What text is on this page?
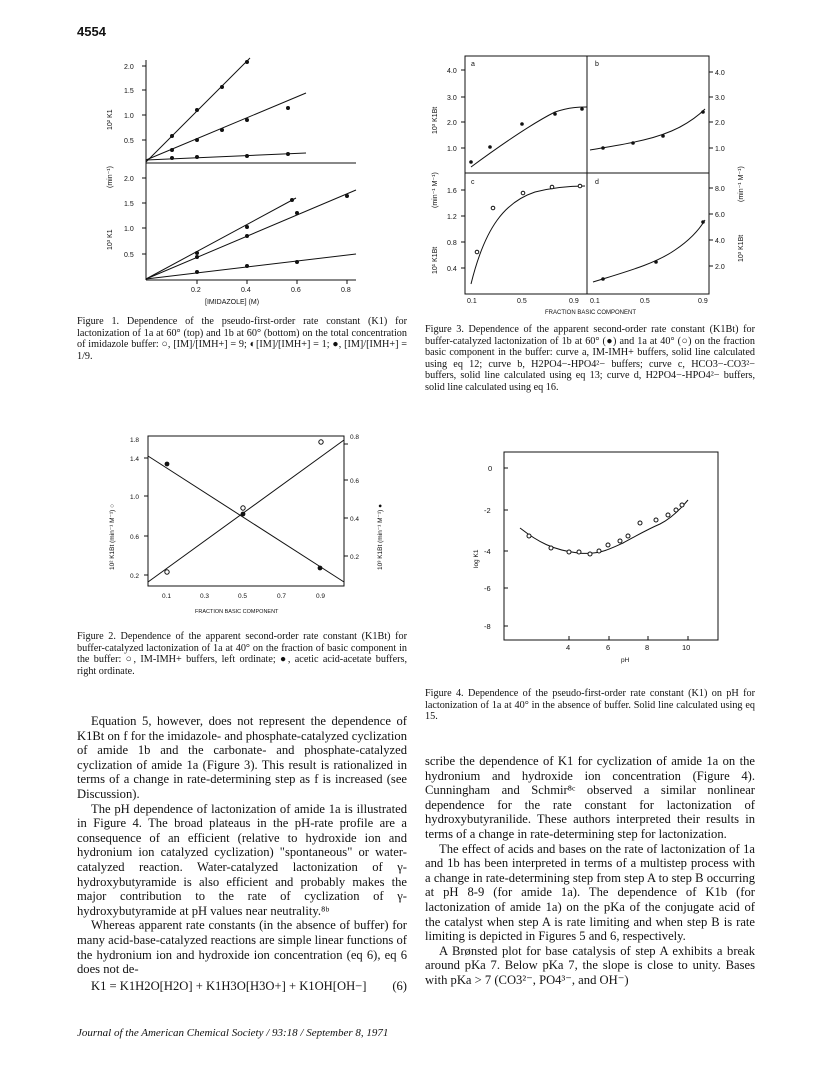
4554
2.0
1.5
1.0
0.5
2.0
1.5
1.0
0.5
0.2	0.4	0.6	0.8
[IMIDAZOLE] (M)
10² K1
(min⁻¹)
10³ K1
Figure 1. Dependence of the pseudo-first-order rate constant (K1) for lactonization of 1a at 60° (top) and 1b at 60° (bottom) on the total concentration of imidazole buffer: ○, [IM]/[IMH+] = 9; ◐[IM]/[IMH+] = 1; ●, [IM]/[IMH+] = 1/9.
0.2
0.6
1.0
1.4
1.8
0.2
0.4
0.6
0.8
0.1	0.3	0.5	0.7	0.9
FRACTION BASIC COMPONENT
10² K1Bt (min⁻¹ M⁻¹) ○	10³ K1Bt (min⁻¹ M⁻¹) ●
Figure 2. Dependence of the apparent second-order rate constant (K1Bt) for buffer-catalyzed lactonization of 1a at 40° on the fraction of basic component in the buffer: ○, IM-IMH+ buffers, left ordinate; ●, acetic acid-acetate buffers, right ordinate.
a	b
c	d
1.0
2.0
3.0
4.0
1.0
2.0
3.0
4.0
0.4
0.8
1.2
1.6
2.0
4.0
6.0
8.0
0.1	0.5	0.9 0.1	0.5	0.9
FRACTION BASIC COMPONENT
10³ K1Bt
(min⁻¹ M⁻¹)
10¹ K1Bt
(min⁻¹ M⁻¹)
10³ K1Bt
Figure 3. Dependence of the apparent second-order rate constant (K1Bt) for buffer-catalyzed lactonization of 1b at 60° (●) and 1a at 40° (○) on the fraction basic component in the buffer: curve a, IM-IMH+ buffers, solid line calculated using eq 12; curve b, H2PO4−-HPO4²− buffers; curve c, HCO3−-CO3²− buffers, solid line calculated using eq 13; curve d, H2PO4−-HPO4²− buffers, solid line calculated using eq 16.
0
-2
-4
-6
-8
4	6	8	10
pH
log K1
Figure 4. Dependence of the pseudo-first-order rate constant (K1) on pH for lactonization of 1a at 40° in the absence of buffer. Solid line calculated using eq 15.

Equation 5, however, does not represent the dependence of K1Bt on f for the imidazole- and phosphate-catalyzed cyclization of amide 1b and the carbonate- and phosphate-catalyzed cyclization of amide 1a (Figure 3). This result is rationalized in terms of a change in rate-determining step as f is increased (see Discussion).

The pH dependence of lactonization of amide 1a is illustrated in Figure 4. The broad plateaus in the pH-rate profile are a consequence of an efficient (relative to hydroxide ion and hydronium ion catalyzed cyclization) "spontaneous" or water-catalyzed reaction. Water-catalyzed lactonization of γ-hydroxybutyramide is also efficient and probably makes the major contribution to the rate of cyclization of γ-hydroxybutyramide at pH values near neutrality.⁸ᵇ

Whereas apparent rate constants (in the absence of buffer) for many acid-base-catalyzed reactions are simple linear functions of the hydronium ion and hydroxide ion concentration (eq 6), eq 6 does not de-

K1 = K1H2O[H2O] + K1H3O[H3O+] + K1OH[OH−] (6)

scribe the dependence of K1 for cyclization of amide 1a on the hydronium and hydroxide ion concentration (Figure 4). Cunningham and Schmir⁸ᶜ observed a similar nonlinear dependence for the rate constant for lactonization of hydroxybutyranilide. These authors interpreted their results in terms of a change in rate-determining step for lactonization.

The effect of acids and bases on the rate of lactonization of 1a and 1b has been interpreted in terms of a multistep process with a change in rate-determining step from step A to step B occurring at pH 8-9 (for amide 1a). The dependence of K1b (for lactonization of amide 1a) on the pKa of the conjugate acid of the catalyst when step A is rate limiting and when step B is rate limiting is depicted in Figures 5 and 6, respectively.

A Brønsted plot for base catalysis of step A exhibits a break around pKa 7. Below pKa 7, the slope is close to unity. Bases with pKa > 7 (CO3²⁻, PO4³⁻, and OH⁻)

Journal of the American Chemical Society / 93:18 / September 8, 1971
